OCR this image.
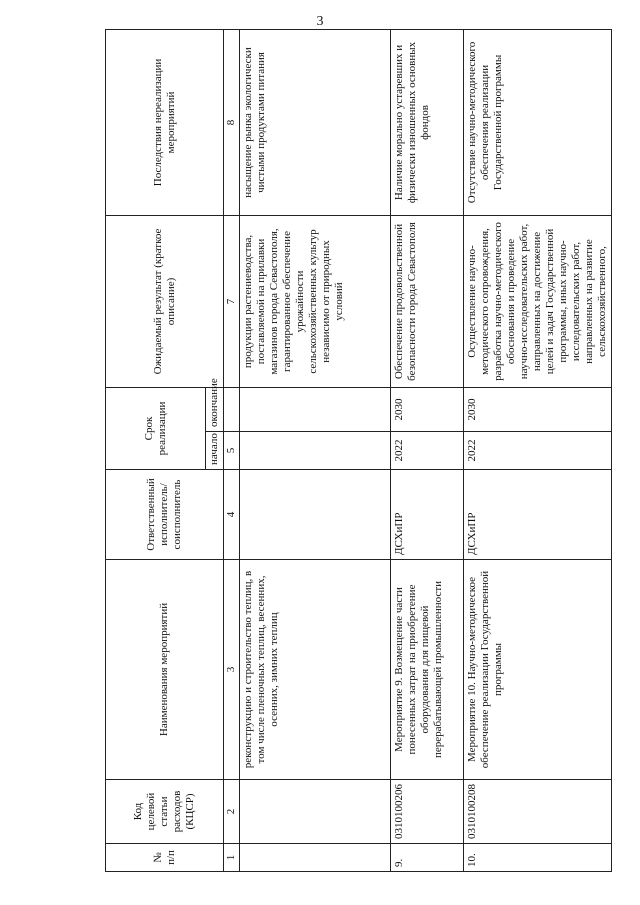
3
№ п/п	Код целевой статьи расходов (КЦСР)	Наименования мероприятий	Ответственный исполнитель/ соисполнитель	Срок реализации		Ожидаемый результат (краткое описание)	Последствия нереализации мероприятий
				начало	окончание		
1	2	3	4	5		7	8
		реконструкцию и строительство теплиц, в том числе пленочных теплиц, весенних, осенних, зимних теплиц				продукции растениеводства, поставляемой на прилавки магазинов города Севастополя, гарантированное обеспечение урожайности сельскохозяйственных культур независимо от природных условий	насыщение рынка экологически чистыми продуктами питания
9.	0310100206	Мероприятие 9. Возмещение части понесенных затрат на приобретение оборудования для пищевой перерабатывающей промышленности	ДСХиПР	2022	2030	Обеспечение продовольственной безопасности города Севастополя	Наличие морально устаревших и физически изношенных основных фондов
10.	0310100208	Мероприятие 10. Научно-методическое обеспечение реализации Государственной программы	ДСХиПР	2022	2030	Осуществление научно-методического сопровождения, разработка научно-методического обоснования и проведение научно-исследовательских работ, направленных на достижение целей и задач Государственной программы, иных научно-исследовательских работ, направленных на развитие сельскохозяйственного,	Отсутствие научно-методического обеспечения реализации Государственной программы
